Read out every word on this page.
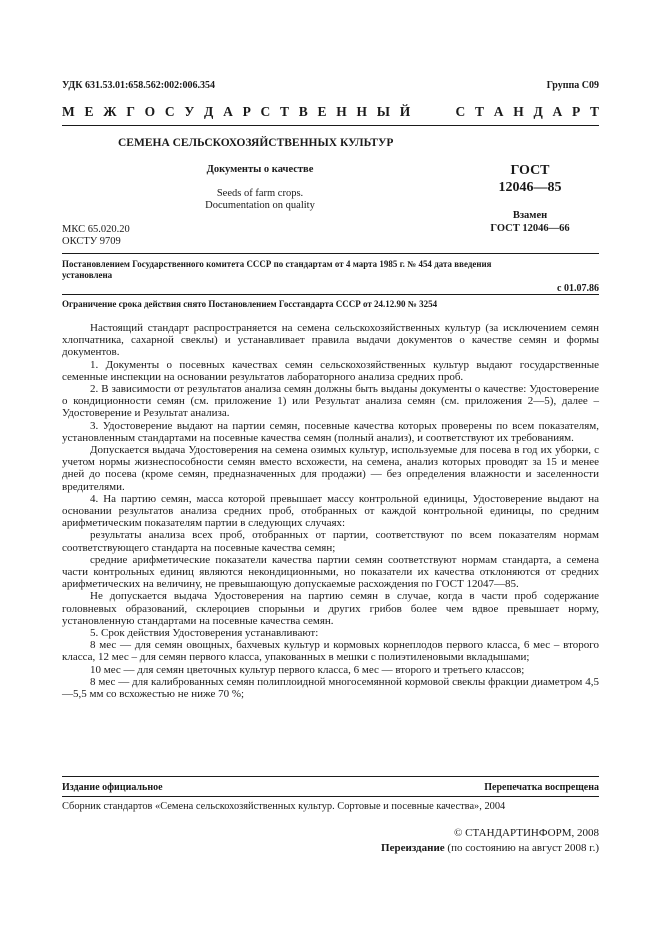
УДК 631.53.01:658.562:002:006.354	Группа С09
М Е Ж Г О С У Д А Р С Т В Е Н Н Ы Й	С Т А Н Д А Р Т
СЕМЕНА СЕЛЬСКОХОЗЯЙСТВЕННЫХ КУЛЬТУР
Документы о качестве
Seeds of farm crops.
Documentation on quality
ГОСТ
12046—85
Взамен
ГОСТ 12046—66
МКС 65.020.20
ОКСТУ 9709
Постановлением Государственного комитета СССР по стандартам от 4 марта 1985 г. № 454 дата введения
установлена
с 01.07.86
Ограничение срока действия снято Постановлением Госстандарта СССР от 24.12.90 № 3254

Настоящий стандарт распространяется на семена сельскохозяйственных культур (за исключением семян хлопчатника, сахарной свеклы) и устанавливает правила выдачи документов о качестве семян и формы документов.

1. Документы о посевных качествах семян сельскохозяйственных культур выдают государственные семенные инспекции на основании результатов лабораторного анализа средних проб.

2. В зависимости от результатов анализа семян должны быть выданы документы о качестве: Удостоверение о кондиционности семян (см. приложение 1) или Результат анализа семян (см. приложения 2—5), далее – Удостоверение и Результат анализа.

3. Удостоверение выдают на партии семян, посевные качества которых проверены по всем показателям, установленным стандартами на посевные качества семян (полный анализ), и соответствуют их требованиям.

Допускается выдача Удостоверения на семена озимых культур, используемые для посева в год их уборки, с учетом нормы жизнеспособности семян вместо всхожести, на семена, анализ которых проводят за 15 и менее дней до посева (кроме семян, предназначенных для продажи) — без определения влажности и заселенности вредителями.

4. На партию семян, масса которой превышает массу контрольной единицы, Удостоверение выдают на основании результатов анализа средних проб, отобранных от каждой контрольной единицы, по средним арифметическим показателям партии в следующих случаях:

результаты анализа всех проб, отобранных от партии, соответствуют по всем показателям нормам соответствующего стандарта на посевные качества семян;

средние арифметические показатели качества партии семян соответствуют нормам стандарта, а семена части контрольных единиц являются некондиционными, но показатели их качества отклоняются от средних арифметических на величину, не превышающую допускаемые расхождения по ГОСТ 12047—85.

Не допускается выдача Удостоверения на партию семян в случае, когда в части проб содержание головневых образований, склероциев спорыньи и других грибов более чем вдвое превышает норму, установленную стандартами на посевные качества семян.

5. Срок действия Удостоверения устанавливают:

8 мес — для семян овощных, бахчевых культур и кормовых корнеплодов первого класса, 6 мес – второго класса, 12 мес – для семян первого класса, упакованных в мешки с полиэтиленовыми вкладышами;

10 мес — для семян цветочных культур первого класса, 6 мес — второго и третьего классов;

8 мес — для калиброванных семян полиплоидной многосемянной кормовой свеклы фракции диаметром 4,5—5,5 мм со всхожестью не ниже 70 %;

Издание официальное	Перепечатка воспрещена
Сборник стандартов «Семена сельскохозяйственных культур. Сортовые и посевные качества», 2004
© СТАНДАРТИНФОРМ, 2008
Переиздание (по состоянию на август 2008 г.)
